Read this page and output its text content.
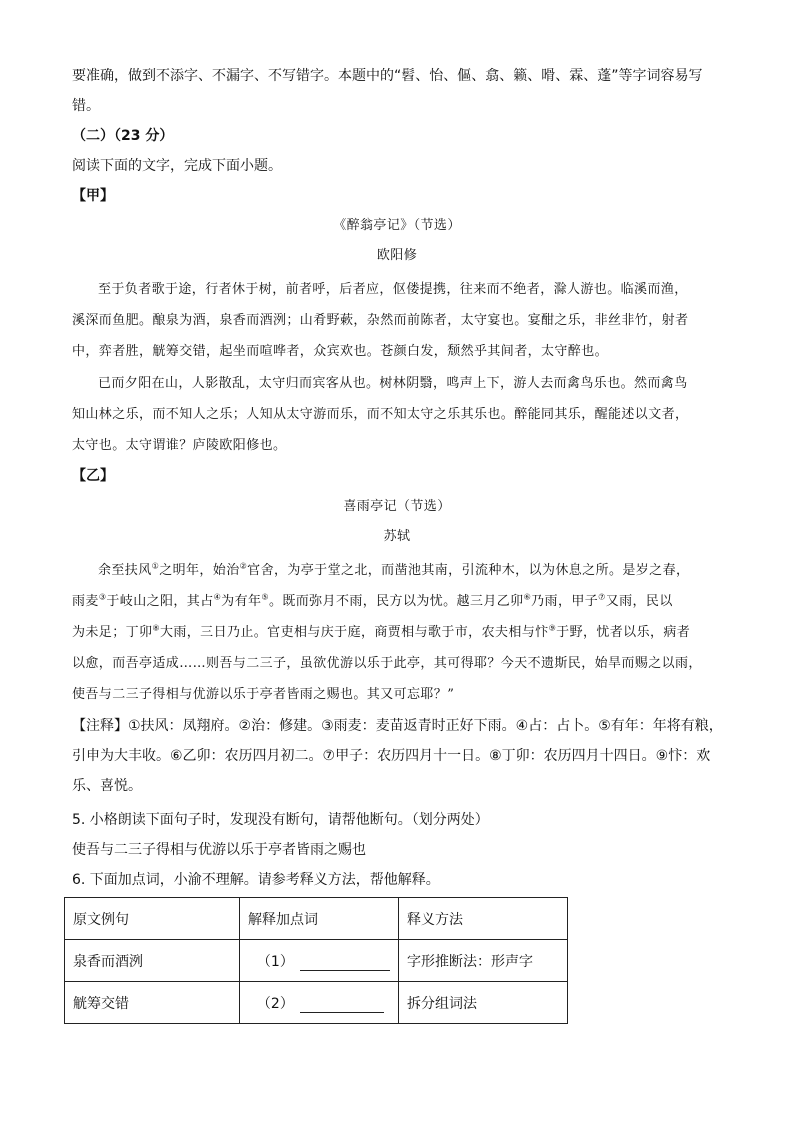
要准确，做到不添字、不漏字、不写错字。本题中的“髫、怡、傴、翕、籁、嗗、霖、蓬”等字词容易写
错。
（二）（23 分）
阅读下面的文字，完成下面小题。
【甲】
《醉翁亭记》（节选）
欧阳修
至于负者歌于途，行者休于树，前者呼，后者应，伛偻提携，往来而不绝者，滁人游也。临溪而渔，
溪深而鱼肥。酿泉为酒，泉香而酒洌；山肴野蔌，杂然而前陈者，太守宴也。宴酣之乐，非丝非竹，射者
中，弈者胜，觥筹交错，起坐而喧哗者，众宾欢也。苍颜白发，颓然乎其间者，太守醉也。
已而夕阳在山，人影散乱，太守归而宾客从也。树林阴翳，鸣声上下，游人去而禽鸟乐也。然而禽鸟
知山林之乐，而不知人之乐；人知从太守游而乐，而不知太守之乐其乐也。醉能同其乐，醒能述以文者，
太守也。太守谓谁？庐陵欧阳修也。
【乙】
喜雨亭记（节选）
苏轼
余至扶风①之明年，始治②官舍，为亭于堂之北，而凿池其南，引流种木，以为休息之所。是岁之春，
雨麦③于岐山之阳，其占④为有年⑤。既而弥月不雨，民方以为忧。越三月乙卯⑥乃雨，甲子⑦又雨，民以
为未足；丁卯⑧大雨，三日乃止。官吏相与庆于庭，商贾相与歌于市，农夫相与忭⑨于野，忧者以乐，病者
以愈，而吾亭适成……则吾与二三子，虽欲优游以乐于此亭，其可得耶？今天不遗斯民，始旱而赐之以雨，
使吾与二三子得相与优游以乐于亭者皆雨之赐也。其又可忘耶？”
【注释】①扶风：凤翔府。②治：修建。③雨麦：麦苗返青时正好下雨。④占：占卜。⑤有年：年将有粮，
引申为大丰收。⑥乙卯：农历四月初二。⑦甲子：农历四月十一日。⑧丁卯：农历四月十四日。⑨忭：欢
乐、喜悦。
5. 小格朗读下面句子时，发现没有断句，请帮他断句。（划分两处）
使吾与二三子得相与优游以乐于亭者皆雨之赐也
6. 下面加点词，小渝不理解。请参考释义方法，帮他解释。
原文例句	解释加点词	释义方法
泉香而酒洌	（1）	字形推断法：形声字
觥筹交错	（2）	拆分组词法
